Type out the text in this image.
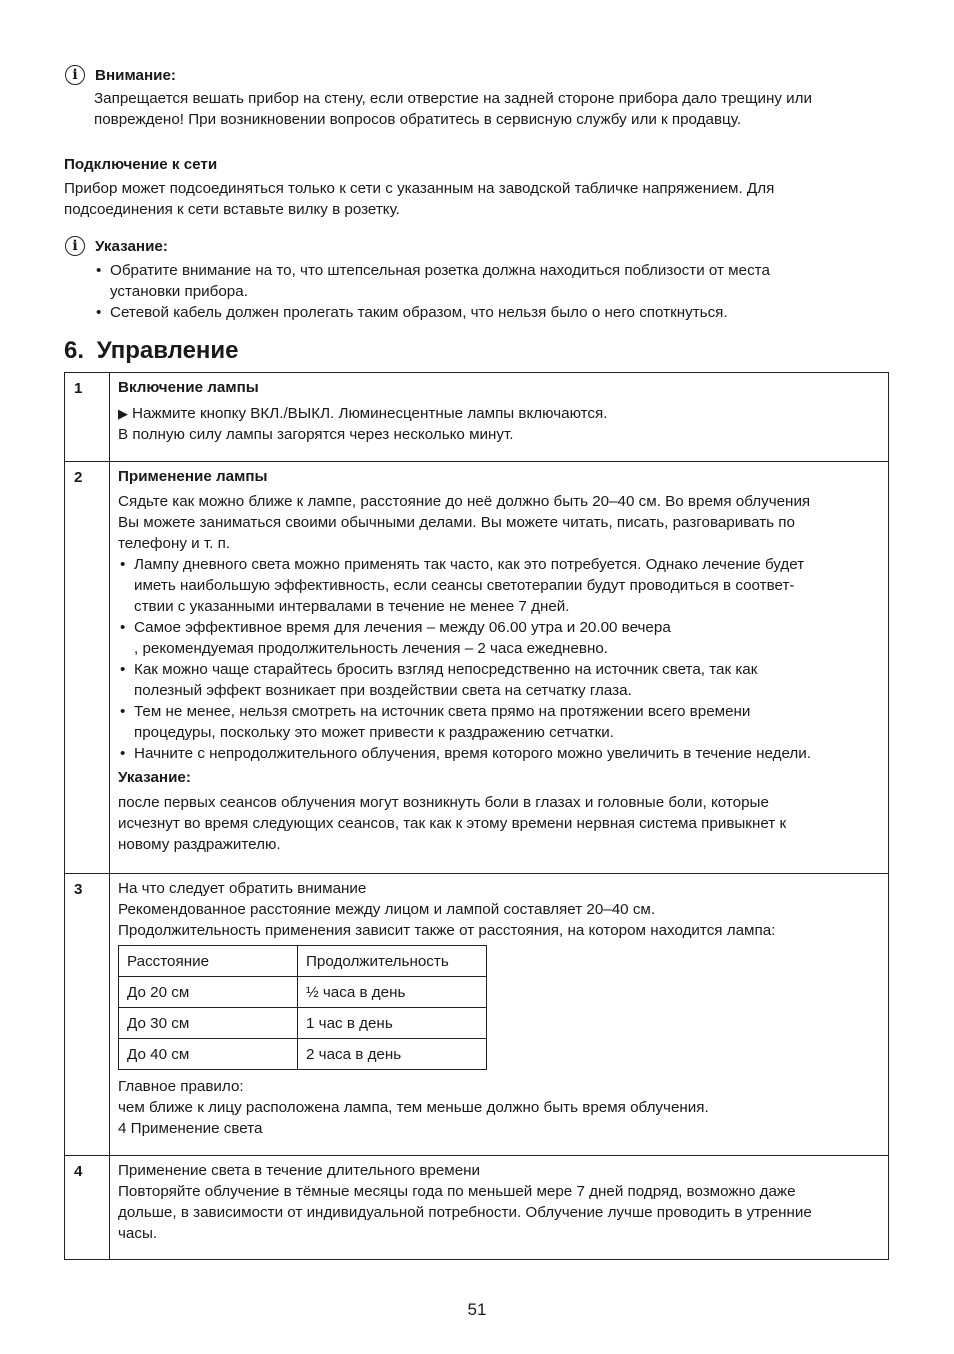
i	Внимание:
Запрещается вешать прибор на стену, если отверстие на задней стороне прибора дало трещину или
повреждено! При возникновении вопросов обратитесь в сервисную службу или к продавцу.
Подключение к сети
Прибор может подсоединяться только к сети с указанным на заводской табличке напряжением. Для
подсоединения к сети вставьте вилку в розетку.
i	Указание:
• Обратите внимание на то, что штепсельная розетка должна находиться поблизости от места
установки прибора.
• Сетевой кабель должен пролегать таким образом, что нельзя было о него споткнуться.
6. Управление
1	Включение лампы
▶ Нажмите кнопку ВКЛ./ВЫКЛ. Люминесцентные лампы включаются.
В полную силу лампы загорятся через несколько минут.

2	Применение лампы
Сядьте как можно ближе к лампе, расстояние до неё должно быть 20–40 см. Во время облучения
Вы можете заниматься своими обычными делами. Вы можете читать, писать, разговаривать по
телефону и т. п.
• Лампу дневного света можно применять так часто, как это потребуется. Однако лечение будет
иметь наибольшую эффективность, если сеансы светотерапии будут проводиться в соответ-
ствии с указанными интервалами в течение не менее 7 дней.
• Самое эффективное время для лечения – между 06.00 утра и 20.00 вечера
, рекомендуемая продолжительность лечения – 2 часа ежедневно.
• Как можно чаще старайтесь бросить взгляд непосредственно на источник света, так как
полезный эффект возникает при воздействии света на сетчатку глаза.
• Тем не менее, нельзя смотреть на источник света прямо на протяжении всего времени
процедуры, поскольку это может привести к раздражению сетчатки.
• Начните с непродолжительного облучения, время которого можно увеличить в течение недели.
Указание:
после первых сеансов облучения могут возникнуть боли в глазах и головные боли, которые
исчезнут во время следующих сеансов, так как к этому времени нервная система привыкнет к
новому раздражителю.

3	На что следует обратить внимание
Рекомендованное расстояние между лицом и лампой составляет 20–40 см.
Продолжительность применения зависит также от расстояния, на котором находится лампа:
Расстояние	Продолжительность
До 20 см	½ часа в день
До 30 см	1 час в день
До 40 см	2 часа в день
Главное правило:
чем ближе к лицу расположена лампа, тем меньше должно быть время облучения.
4 Применение света

4	Применение света в течение длительного времени
Повторяйте облучение в тёмные месяцы года по меньшей мере 7 дней подряд, возможно даже
дольше, в зависимости от индивидуальной потребности. Облучение лучше проводить в утренние
часы.
51
